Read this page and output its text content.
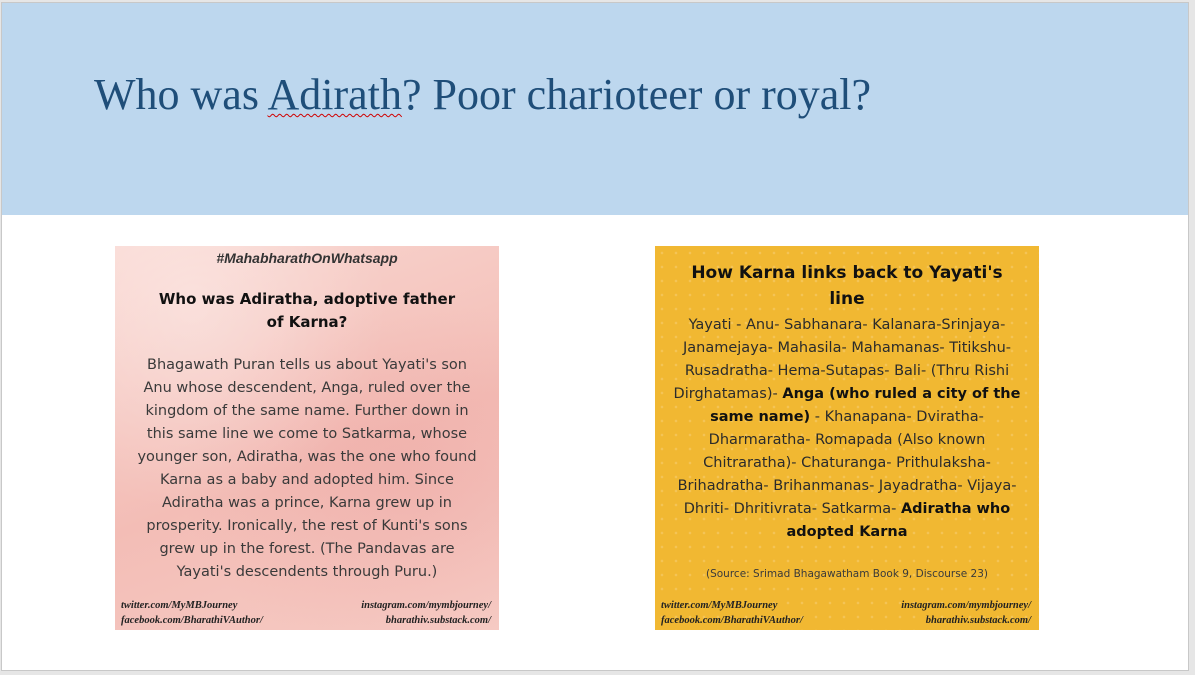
Who was Adirath? Poor charioteer or royal?
#MahabharathOnWhatsapp
Who was Adiratha, adoptive father of Karna?
Bhagawath Puran tells us about Yayati's son Anu whose descendent, Anga, ruled over the kingdom of the same name. Further down in this same line we come to Satkarma, whose younger son, Adiratha, was the one who found Karna as a baby and adopted him. Since Adiratha was a prince, Karna grew up in prosperity. Ironically, the rest of Kunti's sons grew up in the forest. (The Pandavas are Yayati's descendents through Puru.)
twitter.com/MyMBJourney
facebook.com/BharathiVAuthor/
instagram.com/mymbjourney/
bharathiv.substack.com/
How Karna links back to Yayati's line
Yayati - Anu- Sabhanara- Kalanara-Srinjaya- Janamejaya- Mahasila- Mahamanas- Titikshu- Rusadratha- Hema-Sutapas- Bali- (Thru Rishi Dirghatamas)- Anga (who ruled a city of the same name) - Khanapana- Dviratha- Dharmaratha- Romapada (Also known Chitraratha)- Chaturanga- Prithulaksha- Brihadratha- Brihanmanas- Jayadratha- Vijaya- Dhriti- Dhritivrata- Satkarma- Adiratha who adopted Karna
(Source: Srimad Bhagawatham Book 9, Discourse 23)
twitter.com/MyMBJourney
facebook.com/BharathiVAuthor/
instagram.com/mymbjourney/
bharathiv.substack.com/
